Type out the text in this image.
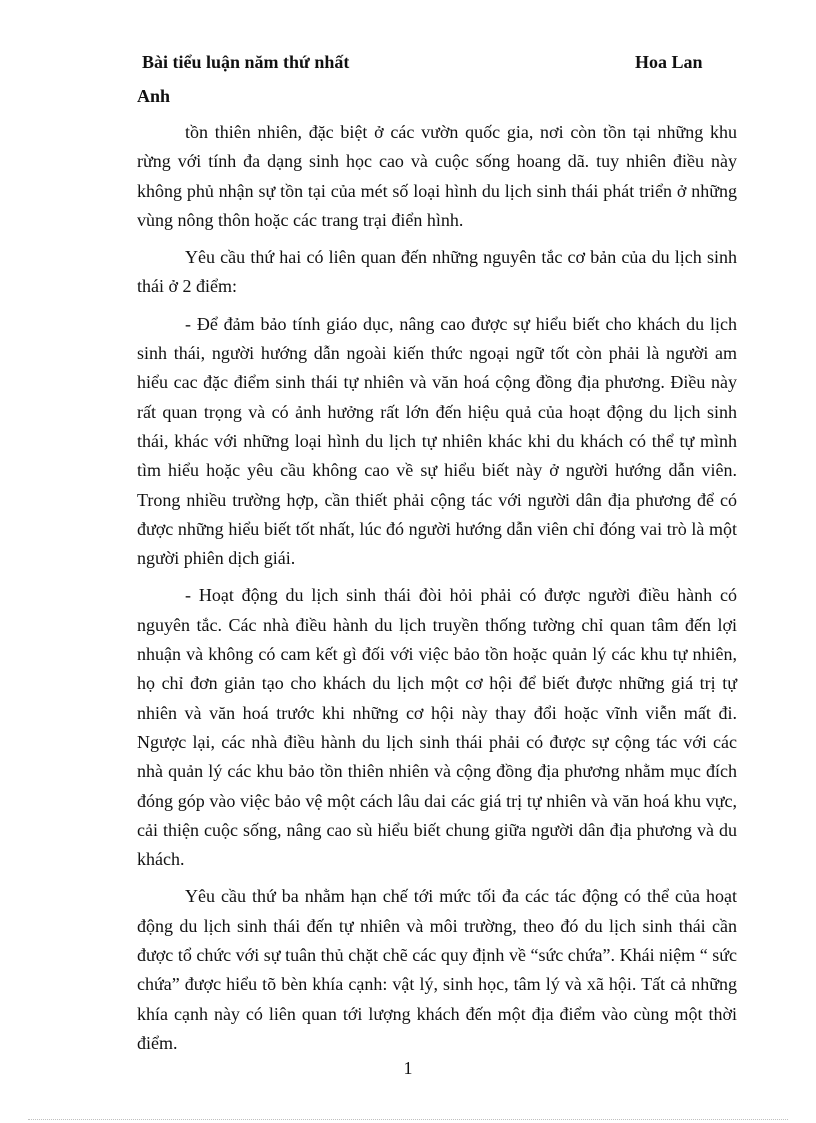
Bài tiểu luận năm thứ nhất	Hoa Lan
Anh

tồn thiên nhiên, đặc biệt ở các vườn quốc gia, nơi còn tồn tại những khu rừng với tính đa dạng sinh học cao và cuộc sống hoang dã. tuy nhiên điều này không phủ nhận sự tồn tại của mét số loại hình du lịch sinh thái phát triển ở những vùng nông thôn hoặc các trang trại điển hình.

Yêu cầu thứ hai có liên quan đến những nguyên tắc cơ bản của du lịch sinh thái ở 2 điểm:

- Để đảm bảo tính giáo dục, nâng cao được sự hiểu biết cho khách du lịch sinh thái, người hướng dẫn ngoài kiến thức ngoại ngữ tốt còn phải là người am hiểu cac đặc điểm sinh thái tự nhiên và văn hoá cộng đồng địa phương. Điều này rất quan trọng và có ảnh hưởng rất lớn đến hiệu quả của hoạt động du lịch sinh thái, khác với những loại hình du lịch tự nhiên khác khi du khách có thể tự mình tìm hiểu hoặc yêu cầu không cao về sự hiểu biết này ở người hướng dẫn viên. Trong nhiều trường hợp, cần thiết phải cộng tác với người dân địa phương để có được những hiểu biết tốt nhất, lúc đó người hướng dẫn viên chỉ đóng vai trò là một người phiên dịch giái.

- Hoạt động du lịch sinh thái đòi hỏi phải có được người điều hành có nguyên tắc. Các nhà điều hành du lịch truyền thống tường chỉ quan tâm đến lợi nhuận và không có cam kết gì đối với việc bảo tồn hoặc quản lý các khu tự nhiên, họ chỉ đơn giản tạo cho khách du lịch một cơ hội để biết được những giá trị tự nhiên và văn hoá trước khi những cơ hội này thay đổi hoặc vĩnh viễn mất đi. Ngược lại, các nhà điều hành du lịch sinh thái phải có được sự cộng tác với các nhà quản lý các khu bảo tồn thiên nhiên và cộng đồng địa phương nhằm mục đích đóng góp vào việc bảo vệ một cách lâu dai các giá trị tự nhiên và văn hoá khu vực, cải thiện cuộc sống, nâng cao sù hiểu biết chung giữa người dân địa phương và du khách.

Yêu cầu thứ ba nhằm hạn chế tới mức tối đa các tác động có thể của hoạt động du lịch sinh thái đến tự nhiên và môi trường, theo đó du lịch sinh thái cần được tổ chức với sự tuân thủ chặt chẽ các quy định về “sức chứa”. Khái niệm “ sức chứa” được hiểu tõ bèn khía cạnh: vật lý, sinh học, tâm lý và xã hội. Tất cả những khía cạnh này có liên quan tới lượng khách đến một địa điểm vào cùng một thời điểm.

1
